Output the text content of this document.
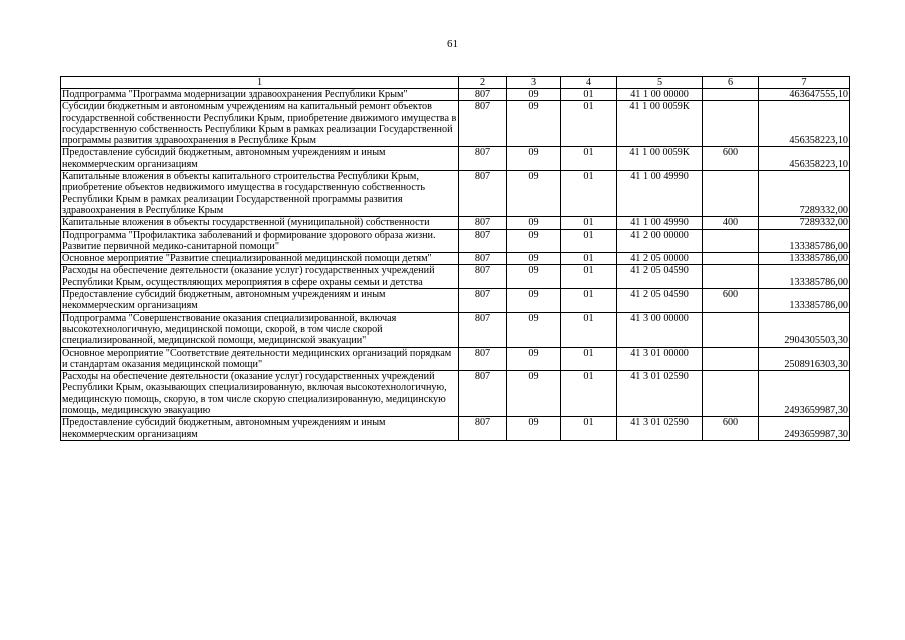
61
1	2	3	4	5	6	7
Подпрограмма "Программа модернизации здравоохранения Республики Крым"	807	09	01	41 1 00 00000		463647555,10
Субсидии бюджетным и автономным учреждениям на капитальный ремонт объектов государственной собственности Республики Крым, приобретение движимого имущества в государственную собственность Республики Крым в рамках реализации Государственной программы развития здравоохранения в Республике Крым	807	09	01	41 1 00 0059К		456358223,10
Предоставление субсидий бюджетным, автономным учреждениям и иным некоммерческим организациям	807	09	01	41 1 00 0059К	600	456358223,10
Капитальные вложения в объекты капитального строительства Республики Крым, приобретение объектов недвижимого имущества в государственную собственность Республики Крым в рамках реализации Государственной программы развития здравоохранения в Республике Крым	807	09	01	41 1 00 49990		7289332,00
Капитальные вложения в объекты государственной (муниципальной) собственности	807	09	01	41 1 00 49990	400	7289332,00
Подпрограмма "Профилактика заболеваний и формирование здорового образа жизни. Развитие первичной медико-санитарной помощи"	807	09	01	41 2 00 00000		133385786,00
Основное мероприятие "Развитие специализированной медицинской помощи детям"	807	09	01	41 2 05 00000		133385786,00
Расходы на обеспечение деятельности (оказание услуг) государственных учреждений Республики Крым, осуществляющих мероприятия в сфере охраны семьи и детства	807	09	01	41 2 05 04590		133385786,00
Предоставление субсидий бюджетным, автономным учреждениям и иным некоммерческим организациям	807	09	01	41 2 05 04590	600	133385786,00
Подпрограмма "Совершенствование оказания специализированной, включая высокотехнологичную, медицинской помощи, скорой, в том числе скорой специализированной, медицинской помощи, медицинской эвакуации"	807	09	01	41 3 00 00000		2904305503,30
Основное мероприятие "Соответствие деятельности медицинских организаций порядкам и стандартам оказания медицинской помощи"	807	09	01	41 3 01 00000		2508916303,30
Расходы на обеспечение деятельности (оказание услуг) государственных учреждений Республики Крым, оказывающих специализированную, включая высокотехнологичную, медицинскую помощь, скорую, в том числе скорую специализированную, медицинскую помощь, медицинскую эвакуацию	807	09	01	41 3 01 02590		2493659987,30
Предоставление субсидий бюджетным, автономным учреждениям и иным некоммерческим организациям	807	09	01	41 3 01 02590	600	2493659987,30
